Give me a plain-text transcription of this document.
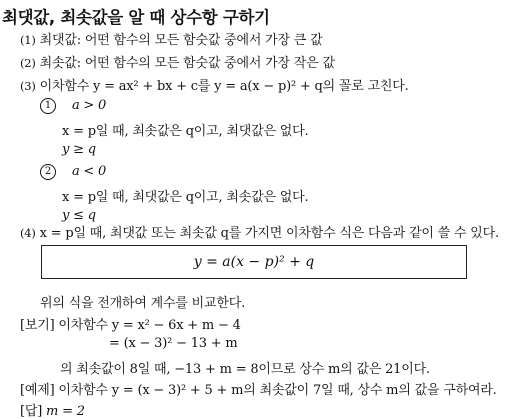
최댓값, 최솟값을 알 때 상수항 구하기
(1) 최댓값: 어떤 함수의 모든 함숫값 중에서 가장 큰 값
(2) 최솟값: 어떤 함수의 모든 함숫값 중에서 가장 작은 값
(3) 이차함수 y = ax² + bx + c를 y = a(x − p)² + q의 꼴로 고친다.
1 a > 0
x = p일 때, 최솟값은 q이고, 최댓값은 없다.
y ≥ q
2 a < 0
x = p일 때, 최댓값은 q이고, 최솟값은 없다.
y ≤ q
(4) x = p일 때, 최댓값 또는 최솟값 q를 가지면 이차함수 식은 다음과 같이 쓸 수 있다.
y = a(x − p)² + q
위의 식을 전개하여 계수를 비교한다.
[보기] 이차함수 y = x² − 6x + m − 4
= (x − 3)² − 13 + m
의 최솟값이 8일 때, −13 + m = 8이므로 상수 m의 값은 21이다.
[예제] 이차함수 y = (x − 3)² + 5 + m의 최솟값이 7일 때, 상수 m의 값을 구하여라.
[답] m = 2
